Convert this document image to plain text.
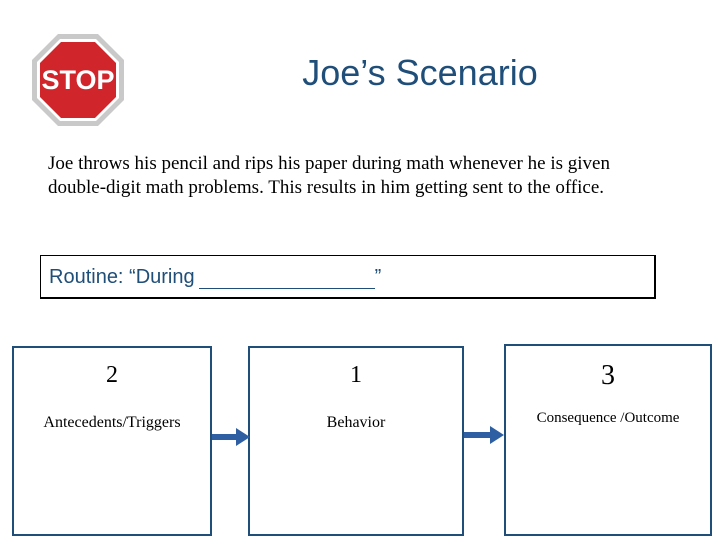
STOP	Joe’s Scenario
Joe throws his pencil and rips his paper during math whenever he is given double-digit math problems. This results in him getting sent to the office.
Routine: “During	”
2
Antecedents/Triggers
1
Behavior
3
Consequence /Outcome
